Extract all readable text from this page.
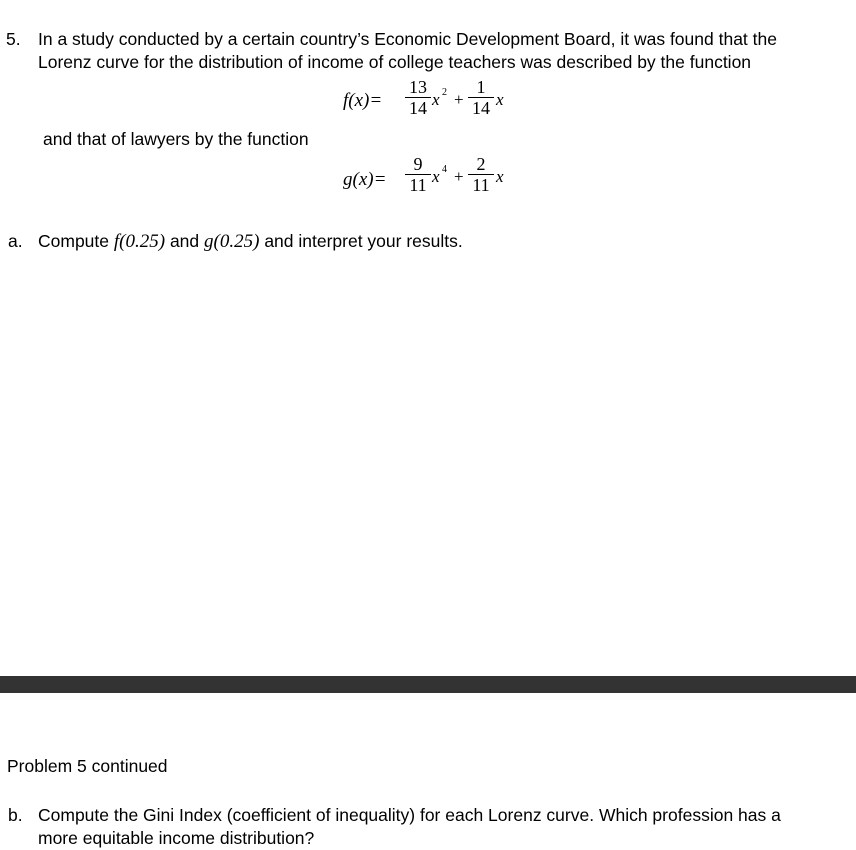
5. In a study conducted by a certain country’s Economic Development Board, it was found that the
Lorenz curve for the distribution of income of college teachers was described by the function
f(x)=
13
14 x 2 +
1
14 x
and that of lawyers by the function
g(x)=
9
11 x 4 +
2
11 x
a. Compute f(0.25) and g(0.25) and interpret your results.
Problem 5 continued
b. Compute the Gini Index (coefficient of inequality) for each Lorenz curve. Which profession has a
more equitable income distribution?
